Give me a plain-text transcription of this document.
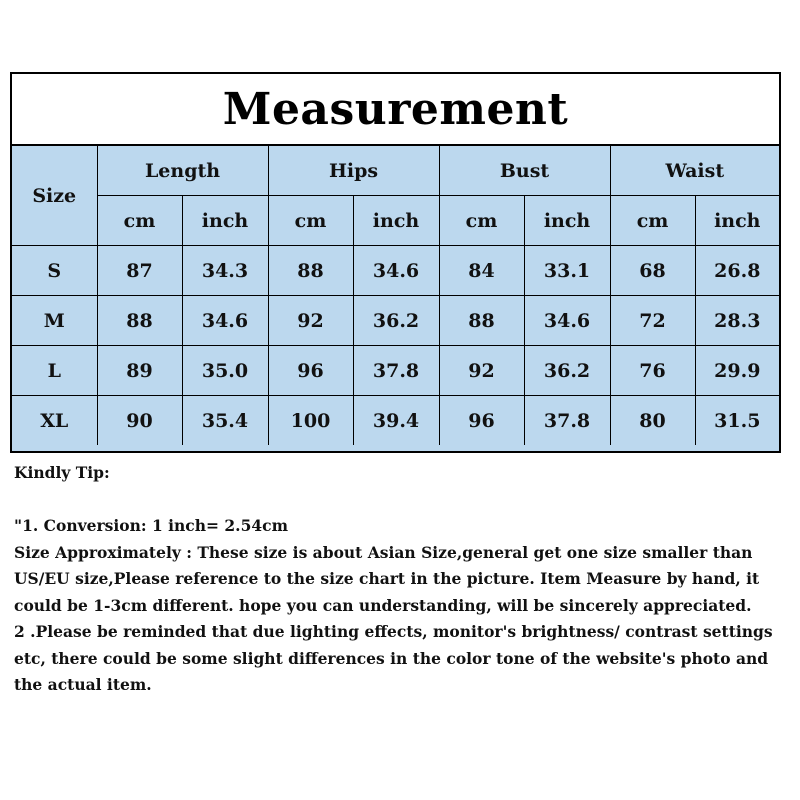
Measurement
Size	Length		Hips		Bust		Waist	
	cm	inch	cm	inch	cm	inch	cm	inch
S	87	34.3	88	34.6	84	33.1	68	26.8
M	88	34.6	92	36.2	88	34.6	72	28.3
L	89	35.0	96	37.8	92	36.2	76	29.9
XL	90	35.4	100	39.4	96	37.8	80	31.5

Kindly Tip:

"1. Conversion: 1 inch= 2.54cm

Size Approximately : These size is about Asian Size,general get one size smaller than US/EU size,Please reference to the size chart in the picture. Item Measure by hand, it could be 1-3cm different. hope you can understanding, will be sincerely appreciated.

2 .Please be reminded that due lighting effects, monitor's brightness/ contrast settings etc, there could be some slight differences in the color tone of the website's photo and the actual item.
